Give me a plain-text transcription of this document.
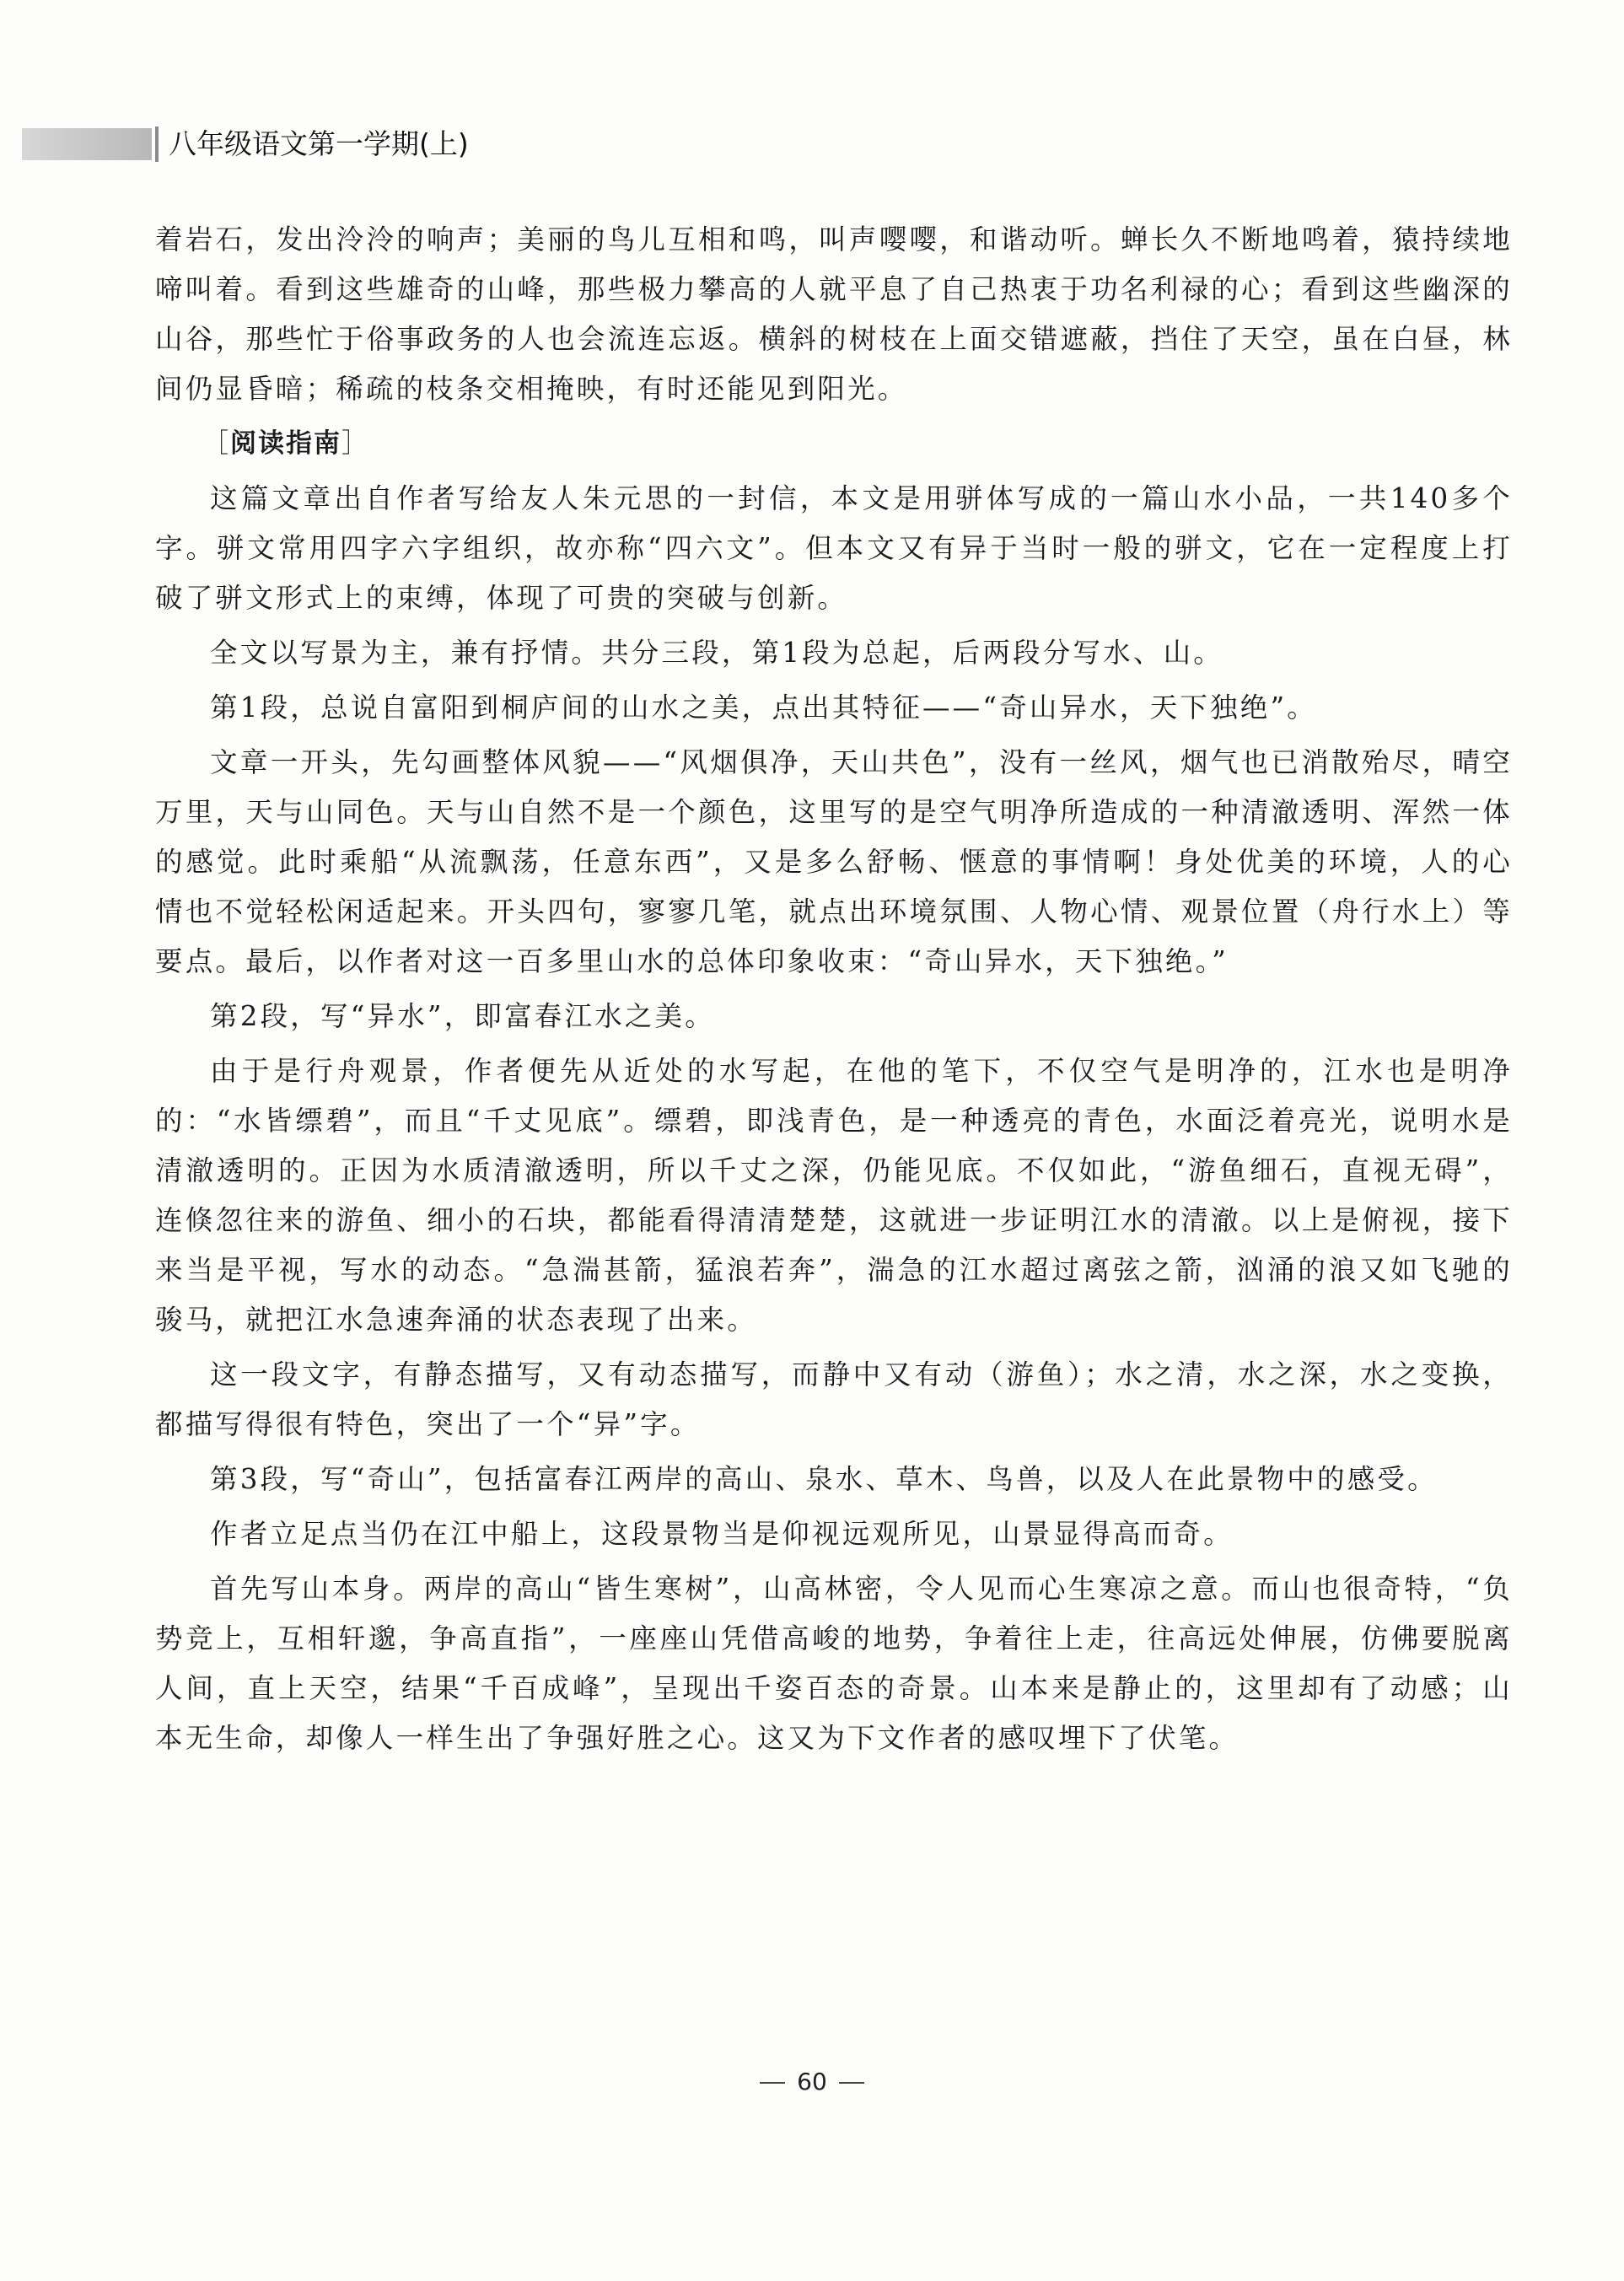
八年级语文第一学期(上)

着岩石，发出泠泠的响声；美丽的鸟儿互相和鸣，叫声嘤嘤，和谐动听。蝉长久不断地鸣着，猿持续地啼叫着。看到这些雄奇的山峰，那些极力攀高的人就平息了自己热衷于功名利禄的心；看到这些幽深的山谷，那些忙于俗事政务的人也会流连忘返。横斜的树枝在上面交错遮蔽，挡住了天空，虽在白昼，林间仍显昏暗；稀疏的枝条交相掩映，有时还能见到阳光。

［阅读指南］

这篇文章出自作者写给友人朱元思的一封信，本文是用骈体写成的一篇山水小品，一共140多个字。骈文常用四字六字组织，故亦称“四六文”。但本文又有异于当时一般的骈文，它在一定程度上打破了骈文形式上的束缚，体现了可贵的突破与创新。

全文以写景为主，兼有抒情。共分三段，第1段为总起，后两段分写水、山。

第1段，总说自富阳到桐庐间的山水之美，点出其特征——“奇山异水，天下独绝”。

文章一开头，先勾画整体风貌——“风烟俱净，天山共色”，没有一丝风，烟气也已消散殆尽，晴空万里，天与山同色。天与山自然不是一个颜色，这里写的是空气明净所造成的一种清澈透明、浑然一体的感觉。此时乘船“从流飘荡，任意东西”，又是多么舒畅、惬意的事情啊！身处优美的环境，人的心情也不觉轻松闲适起来。开头四句，寥寥几笔，就点出环境氛围、人物心情、观景位置（舟行水上）等要点。最后，以作者对这一百多里山水的总体印象收束：“奇山异水，天下独绝。”

第2段，写“异水”，即富春江水之美。

由于是行舟观景，作者便先从近处的水写起，在他的笔下，不仅空气是明净的，江水也是明净的：“水皆缥碧”，而且“千丈见底”。缥碧，即浅青色，是一种透亮的青色，水面泛着亮光，说明水是清澈透明的。正因为水质清澈透明，所以千丈之深，仍能见底。不仅如此，“游鱼细石，直视无碍”，连倏忽往来的游鱼、细小的石块，都能看得清清楚楚，这就进一步证明江水的清澈。以上是俯视，接下来当是平视，写水的动态。“急湍甚箭，猛浪若奔”，湍急的江水超过离弦之箭，汹涌的浪又如飞驰的骏马，就把江水急速奔涌的状态表现了出来。

这一段文字，有静态描写，又有动态描写，而静中又有动（游鱼）；水之清，水之深，水之变换，都描写得很有特色，突出了一个“异”字。

第3段，写“奇山”，包括富春江两岸的高山、泉水、草木、鸟兽，以及人在此景物中的感受。

作者立足点当仍在江中船上，这段景物当是仰视远观所见，山景显得高而奇。

首先写山本身。两岸的高山“皆生寒树”，山高林密，令人见而心生寒凉之意。而山也很奇特，“负势竞上，互相轩邈，争高直指”，一座座山凭借高峻的地势，争着往上走，往高远处伸展，仿佛要脱离人间，直上天空，结果“千百成峰”，呈现出千姿百态的奇景。山本来是静止的，这里却有了动感；山本无生命，却像人一样生出了争强好胜之心。这又为下文作者的感叹埋下了伏笔。

60
